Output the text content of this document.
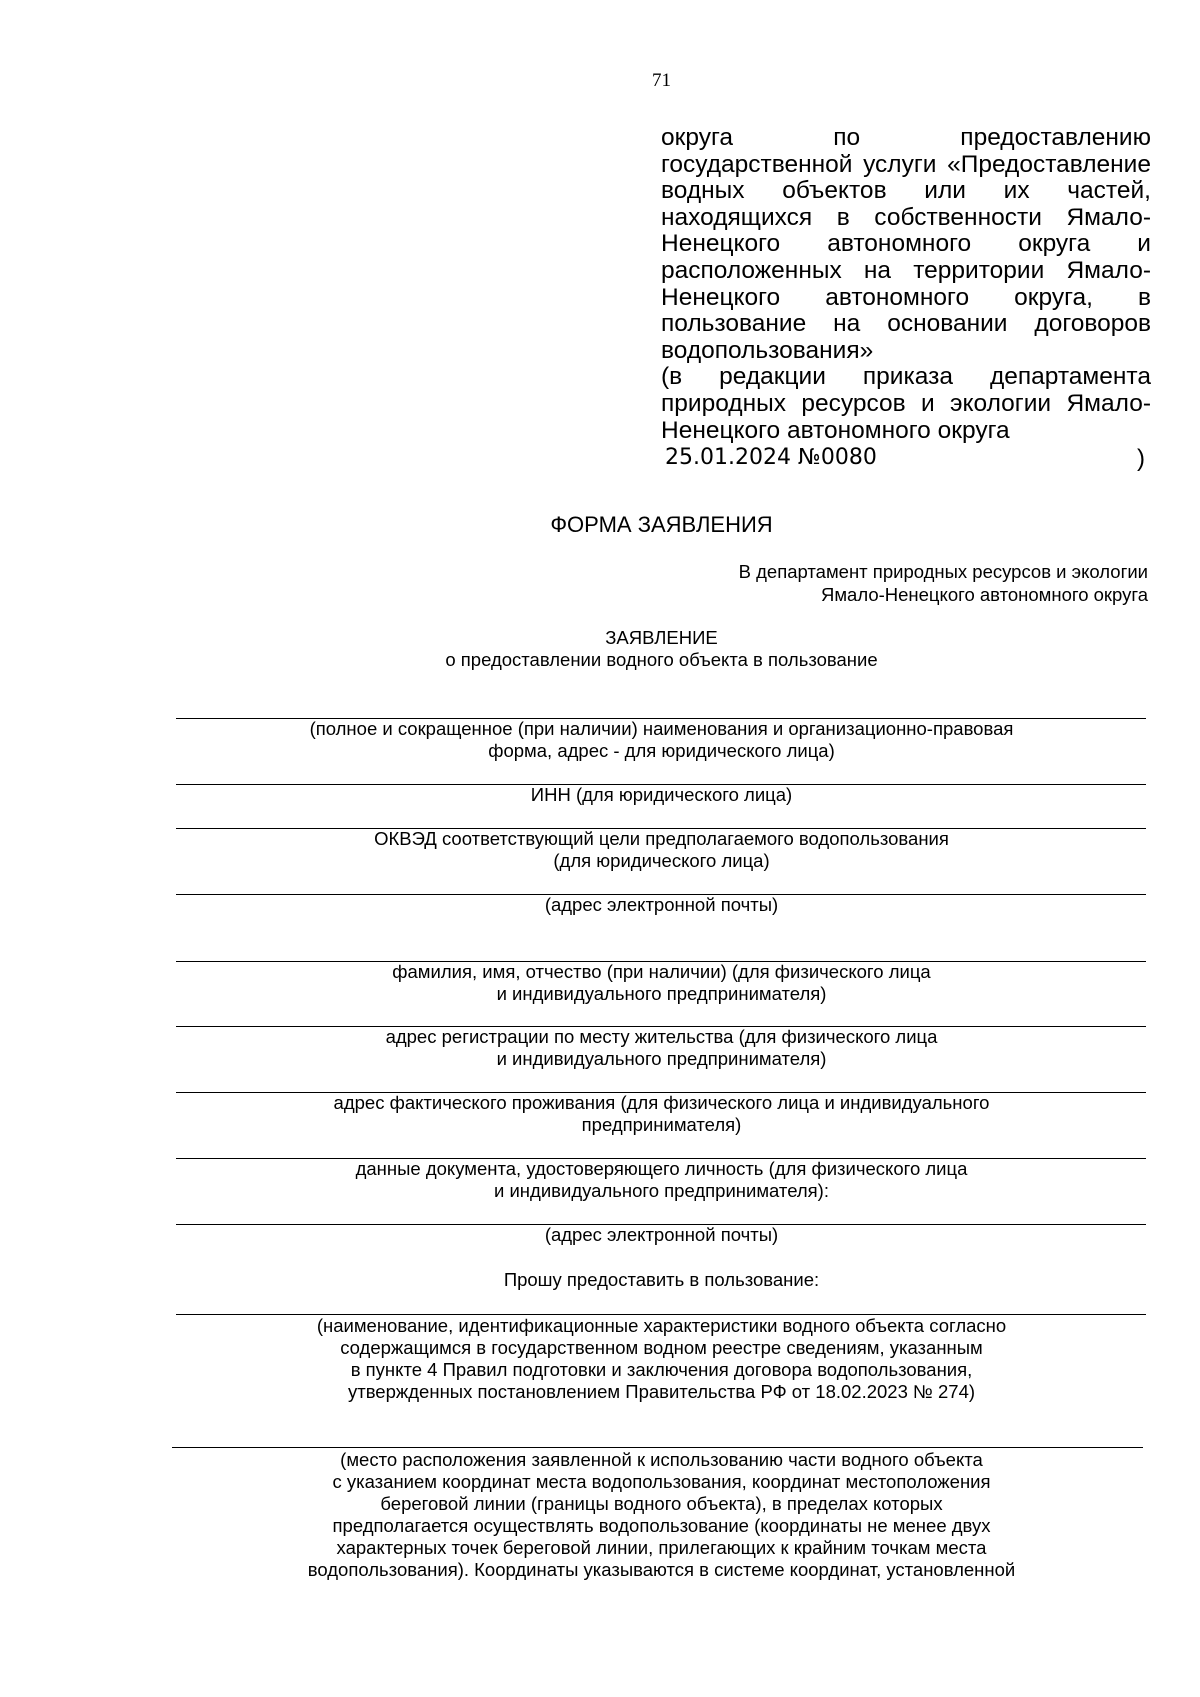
71
округа по предоставлению
государственной услуги «Предоставление
водных объектов или их частей,
находящихся в собственности Ямало-
Ненецкого автономного округа и
расположенных на территории Ямало-
Ненецкого автономного округа, в
пользование на основании договоров
водопользования»
(в редакции приказа департамента
природных ресурсов и экологии Ямало-
Ненецкого автономного округа
25.01.2024 №0080	)
ФОРМА ЗАЯВЛЕНИЯ
В департамент природных ресурсов и экологии
Ямало-Ненецкого автономного округа
ЗАЯВЛЕНИЕ
о предоставлении водного объекта в пользование
(полное и сокращенное (при наличии) наименования и организационно-правовая
форма, адрес - для юридического лица)
ИНН (для юридического лица)
ОКВЭД соответствующий цели предполагаемого водопользования
(для юридического лица)
(адрес электронной почты)
фамилия, имя, отчество (при наличии) (для физического лица
и индивидуального предпринимателя)
адрес регистрации по месту жительства (для физического лица
и индивидуального предпринимателя)
адрес фактического проживания (для физического лица и индивидуального
предпринимателя)
данные документа, удостоверяющего личность (для физического лица
и индивидуального предпринимателя):
(адрес электронной почты)
Прошу предоставить в пользование:
(наименование, идентификационные характеристики водного объекта согласно
содержащимся в государственном водном реестре сведениям, указанным
в пункте 4 Правил подготовки и заключения договора водопользования,
утвержденных постановлением Правительства РФ от 18.02.2023 № 274)
(место расположения заявленной к использованию части водного объекта
с указанием координат места водопользования, координат местоположения
береговой линии (границы водного объекта), в пределах которых
предполагается осуществлять водопользование (координаты не менее двух
характерных точек береговой линии, прилегающих к крайним точкам места
водопользования). Координаты указываются в системе координат, установленной
